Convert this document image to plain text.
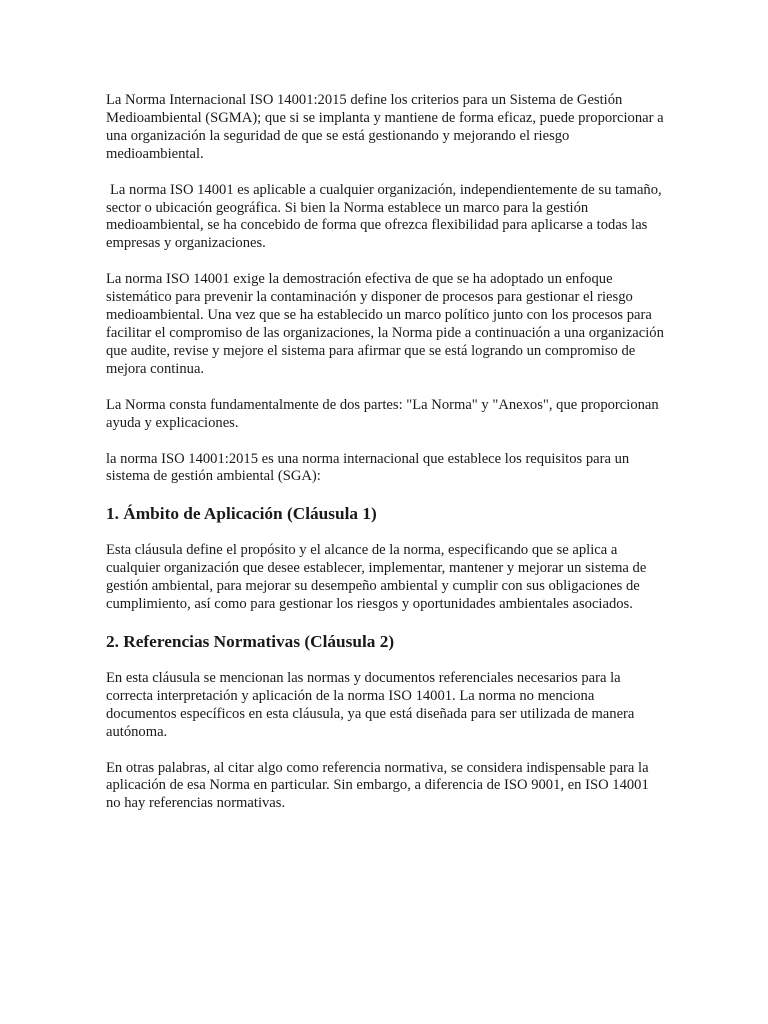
La Norma Internacional ISO 14001:2015 define los criterios para un Sistema de Gestión Medioambiental (SGMA); que si se implanta y mantiene de forma eficaz, puede proporcionar a una organización la seguridad de que se está gestionando y mejorando el riesgo medioambiental.

La norma ISO 14001 es aplicable a cualquier organización, independientemente de su tamaño, sector o ubicación geográfica. Si bien la Norma establece un marco para la gestión medioambiental, se ha concebido de forma que ofrezca flexibilidad para aplicarse a todas las empresas y organizaciones.

La norma ISO 14001 exige la demostración efectiva de que se ha adoptado un enfoque sistemático para prevenir la contaminación y disponer de procesos para gestionar el riesgo medioambiental. Una vez que se ha establecido un marco político junto con los procesos para facilitar el compromiso de las organizaciones, la Norma pide a continuación a una organización que audite, revise y mejore el sistema para afirmar que se está logrando un compromiso de mejora continua.

La Norma consta fundamentalmente de dos partes: "La Norma" y "Anexos", que proporcionan ayuda y explicaciones.

la norma ISO 14001:2015 es una norma internacional que establece los requisitos para un sistema de gestión ambiental (SGA):

1. Ámbito de Aplicación (Cláusula 1)

Esta cláusula define el propósito y el alcance de la norma, especificando que se aplica a cualquier organización que desee establecer, implementar, mantener y mejorar un sistema de gestión ambiental, para mejorar su desempeño ambiental y cumplir con sus obligaciones de cumplimiento, así como para gestionar los riesgos y oportunidades ambientales asociados.

2. Referencias Normativas (Cláusula 2)

En esta cláusula se mencionan las normas y documentos referenciales necesarios para la correcta interpretación y aplicación de la norma ISO 14001. La norma no menciona documentos específicos en esta cláusula, ya que está diseñada para ser utilizada de manera autónoma.

En otras palabras, al citar algo como referencia normativa, se considera indispensable para la aplicación de esa Norma en particular. Sin embargo, a diferencia de ISO 9001, en ISO 14001 no hay referencias normativas.
